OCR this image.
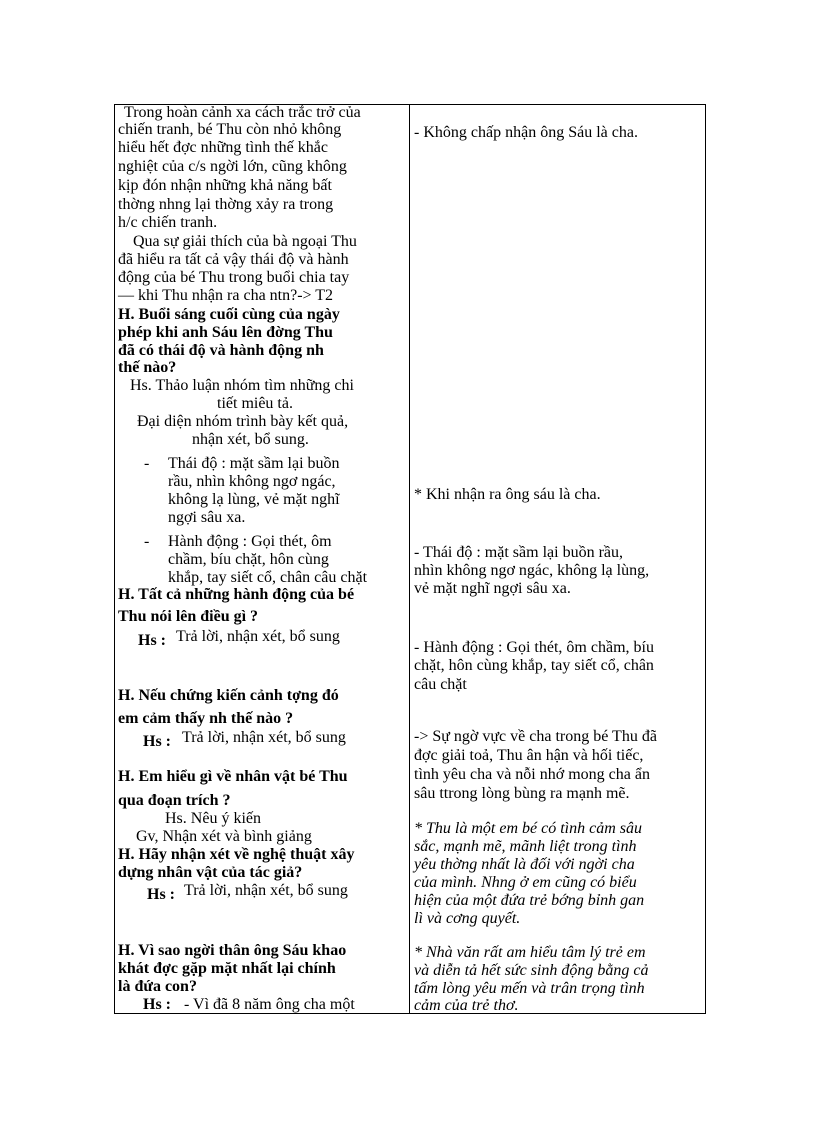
Trong hoàn cảnh xa cách trắc trở của
chiến tranh, bé Thu còn nhỏ không
hiểu hết đợc những tình thế khắc
nghiệt của c/s ngời lớn, cũng không
kịp đón nhận những khả năng bất
thờng nhng lại thờng xảy ra trong
h/c chiến tranh.
Qua sự giải thích của bà ngoại Thu
đã hiểu ra tất cả vậy thái độ và hành
động của bé Thu trong buổi chia tay
— khi Thu nhận ra cha ntn?-> T2
H. Buổi sáng cuối cùng của ngày
phép khi anh Sáu lên đờng Thu
đã có thái độ và hành động nh
thế nào?
Hs. Thảo luận nhóm tìm những chi
tiết miêu tả.
Đại diện nhóm trình bày kết quả,
nhận xét, bổ sung.
- Thái độ : mặt sầm lại buồn
rầu, nhìn không ngơ ngác,
không lạ lùng, vẻ mặt nghĩ
ngợi sâu xa.
- Hành động : Gọi thét, ôm
chầm, bíu chặt, hôn cùng
khắp, tay siết cổ, chân câu chặt
H. Tất cả những hành động của bé
Thu nói lên điều gì ?
Hs : Trả lời, nhận xét, bổ sung
H. Nếu chứng kiến cảnh tợng đó
em cảm thấy nh thế nào ?
Hs : Trả lời, nhận xét, bổ sung
H. Em hiểu gì về nhân vật bé Thu
qua đoạn trích ?
Hs. Nêu ý kiến
Gv, Nhận xét và bình giảng
H. Hãy nhận xét về nghệ thuật xây
dựng nhân vật của tác giả?
Hs : Trả lời, nhận xét, bổ sung
H. Vì sao ngời thân ông Sáu khao
khát đợc gặp mặt nhất lại chính
là đứa con?
Hs : - Vì đã 8 năm ông cha một
- Không chấp nhận ông Sáu là cha.
* Khi nhận ra ông sáu là cha.
- Thái độ : mặt sầm lại buồn rầu,
nhìn không ngơ ngác, không lạ lùng,
vẻ mặt nghĩ ngợi sâu xa.
- Hành động : Gọi thét, ôm chầm, bíu
chặt, hôn cùng khắp, tay siết cổ, chân
câu chặt
-> Sự ngờ vực về cha trong bé Thu đã
đợc giải toả, Thu ân hận và hối tiếc,
tình yêu cha và nỗi nhớ mong cha ẩn
sâu ttrong lòng bùng ra mạnh mẽ.
* Thu là một em bé có tình cảm sâu
sắc, mạnh mẽ, mãnh liệt trong tình
yêu thờng nhất là đối với ngời cha
của mình. Nhng ở em cũng có biểu
hiện của một đứa trẻ bớng bỉnh gan
lì và cơng quyết.
* Nhà văn rất am hiểu tâm lý trẻ em
và diễn tả hết sức sinh động bằng cả
tấm lòng yêu mến và trân trọng tình
cảm của trẻ thơ.
